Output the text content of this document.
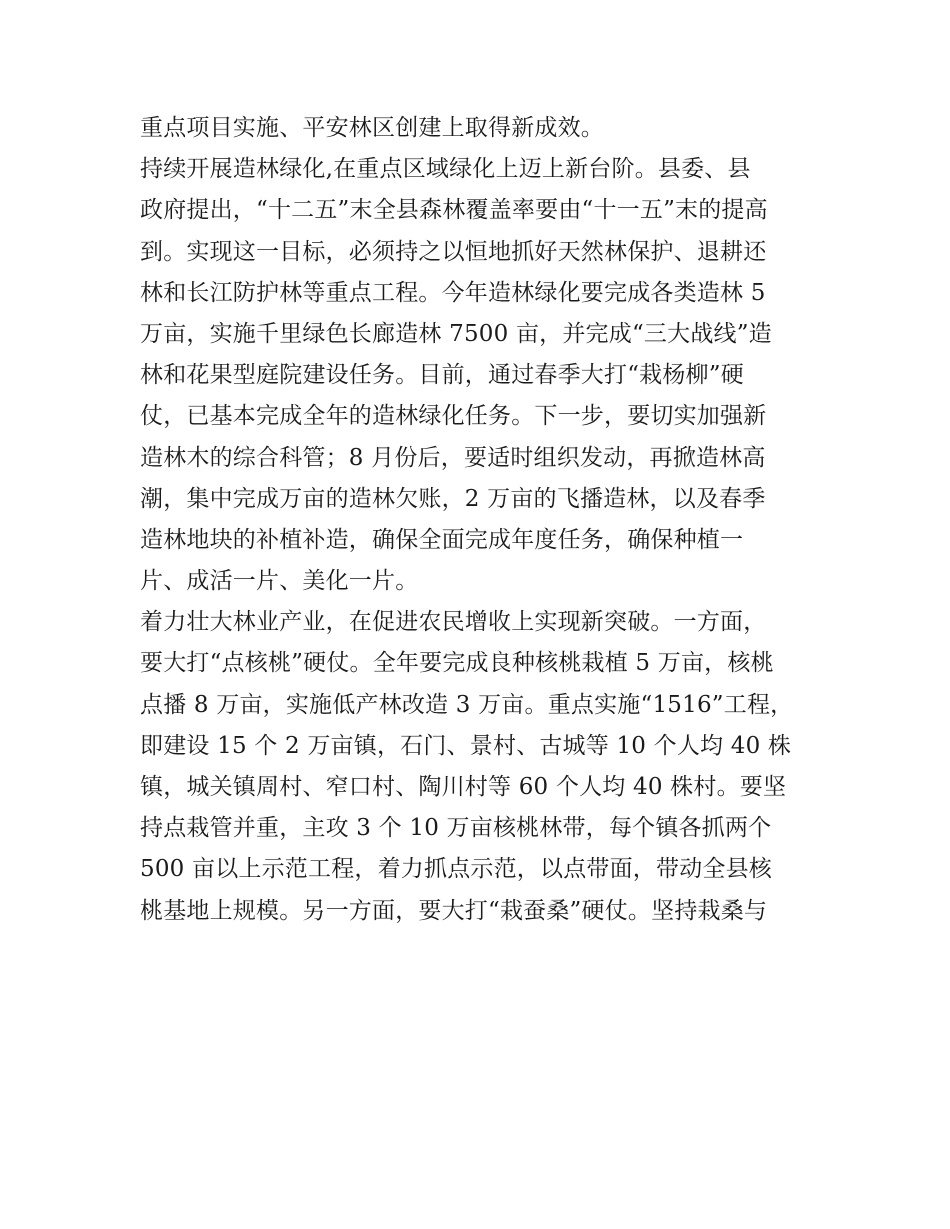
重点项目实施、平安林区创建上取得新成效。
持续开展造林绿化,在重点区域绿化上迈上新台阶。县委、县
政府提出，“十二五”末全县森林覆盖率要由“十一五”末的提高
到。实现这一目标，必须持之以恒地抓好天然林保护、退耕还
林和长江防护林等重点工程。今年造林绿化要完成各类造林 5
万亩，实施千里绿色长廊造林 7500 亩，并完成“三大战线”造
林和花果型庭院建设任务。目前，通过春季大打“栽杨柳”硬
仗，已基本完成全年的造林绿化任务。下一步，要切实加强新
造林木的综合科管；8 月份后，要适时组织发动，再掀造林高
潮，集中完成万亩的造林欠账，2 万亩的飞播造林，以及春季
造林地块的补植补造，确保全面完成年度任务，确保种植一
片、成活一片、美化一片。
着力壮大林业产业，在促进农民增收上实现新突破。一方面，
要大打“点核桃”硬仗。全年要完成良种核桃栽植 5 万亩，核桃
点播 8 万亩，实施低产林改造 3 万亩。重点实施“1516”工程，
即建设 15 个 2 万亩镇，石门、景村、古城等 10 个人均 40 株
镇，城关镇周村、窄口村、陶川村等 60 个人均 40 株村。要坚
持点栽管并重，主攻 3 个 10 万亩核桃林带，每个镇各抓两个
500 亩以上示范工程，着力抓点示范，以点带面，带动全县核
桃基地上规模。另一方面，要大打“栽蚕桑”硬仗。坚持栽桑与
